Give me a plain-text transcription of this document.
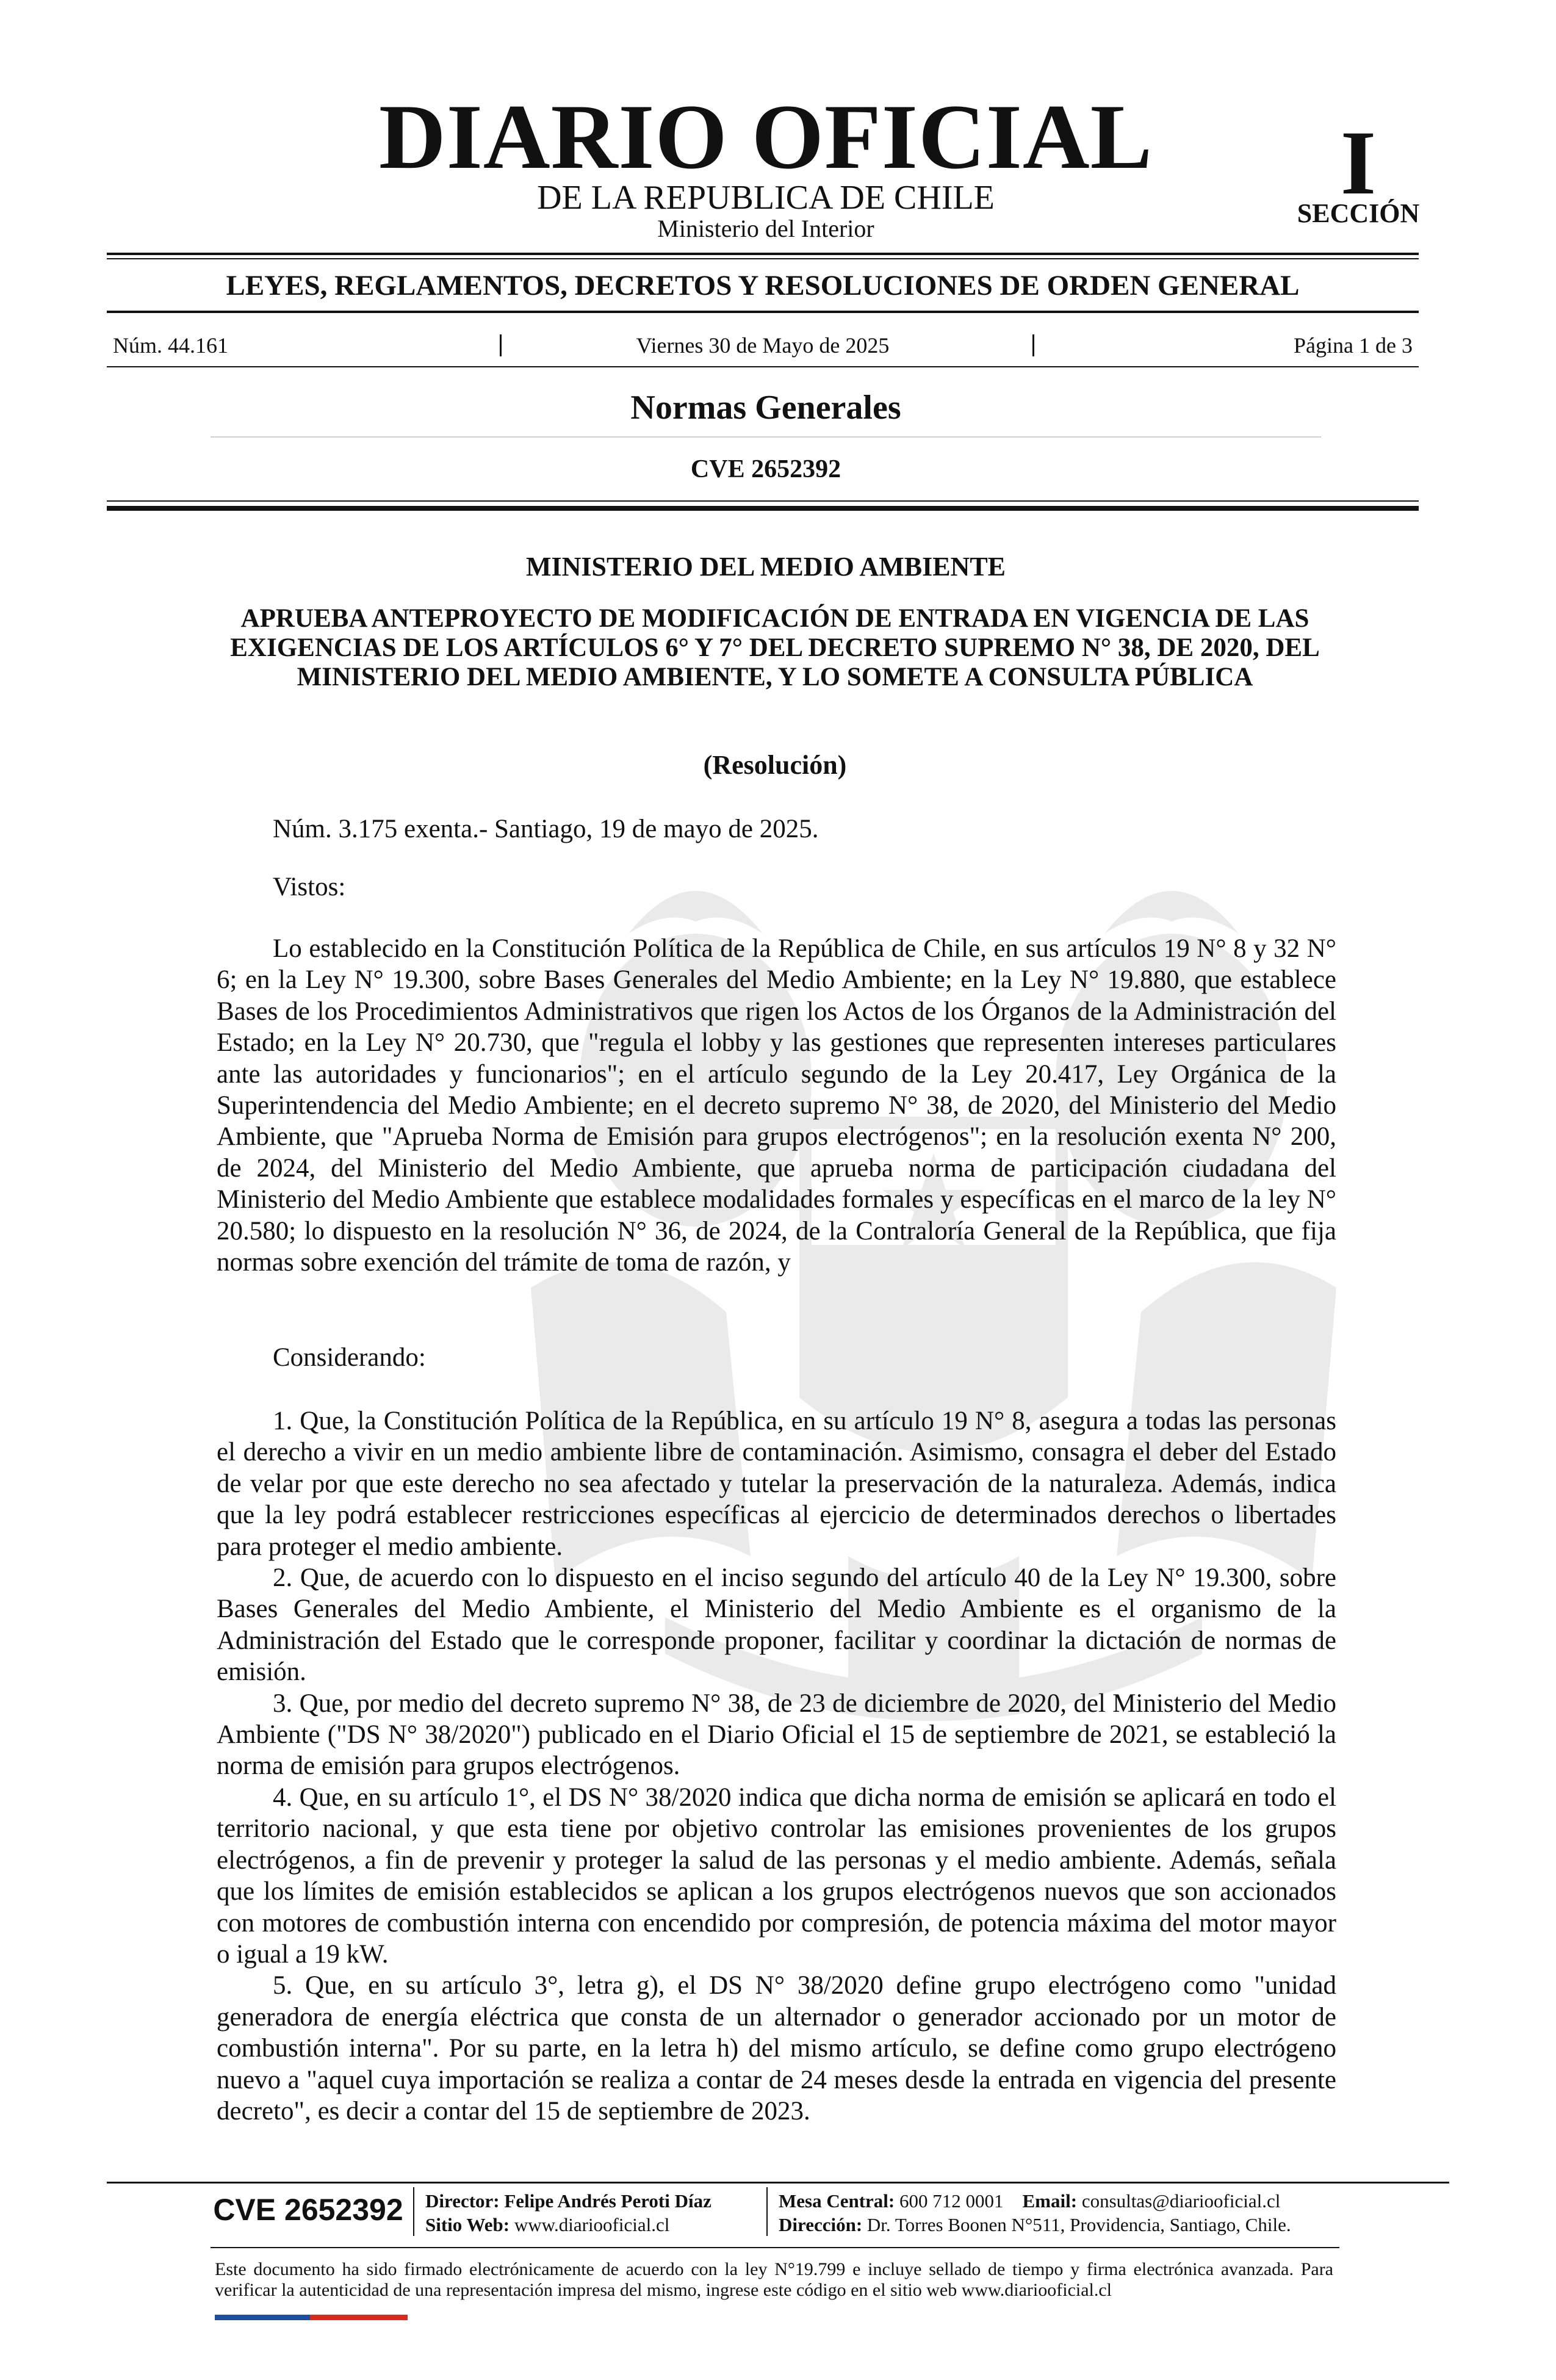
DIARIO OFICIAL
DE LA REPUBLICA DE CHILE
Ministerio del Interior
I
SECCIÓN
LEYES, REGLAMENTOS, DECRETOS Y RESOLUCIONES DE ORDEN GENERAL
Núm. 44.161	Viernes 30 de Mayo de 2025	Página 1 de 3
Normas Generales
CVE 2652392
MINISTERIO DEL MEDIO AMBIENTE
APRUEBA ANTEPROYECTO DE MODIFICACIÓN DE ENTRADA EN VIGENCIA DE LAS EXIGENCIAS DE LOS ARTÍCULOS 6° Y 7° DEL DECRETO SUPREMO N° 38, DE 2020, DEL MINISTERIO DEL MEDIO AMBIENTE, Y LO SOMETE A CONSULTA PÚBLICA
(Resolución)
Núm. 3.175 exenta.- Santiago, 19 de mayo de 2025.
Vistos:
Lo establecido en la Constitución Política de la República de Chile, en sus artículos 19 N° 8 y 32 N° 6; en la Ley N° 19.300, sobre Bases Generales del Medio Ambiente; en la Ley N° 19.880, que establece Bases de los Procedimientos Administrativos que rigen los Actos de los Órganos de la Administración del Estado; en la Ley N° 20.730, que "regula el lobby y las gestiones que representen intereses particulares ante las autoridades y funcionarios"; en el artículo segundo de la Ley 20.417, Ley Orgánica de la Superintendencia del Medio Ambiente; en el decreto supremo N° 38, de 2020, del Ministerio del Medio Ambiente, que "Aprueba Norma de Emisión para grupos electrógenos"; en la resolución exenta N° 200, de 2024, del Ministerio del Medio Ambiente, que aprueba norma de participación ciudadana del Ministerio del Medio Ambiente que establece modalidades formales y específicas en el marco de la ley N° 20.580; lo dispuesto en la resolución N° 36, de 2024, de la Contraloría General de la República, que fija normas sobre exención del trámite de toma de razón, y
Considerando:
1. Que, la Constitución Política de la República, en su artículo 19 N° 8, asegura a todas las personas el derecho a vivir en un medio ambiente libre de contaminación. Asimismo, consagra el deber del Estado de velar por que este derecho no sea afectado y tutelar la preservación de la naturaleza. Además, indica que la ley podrá establecer restricciones específicas al ejercicio de determinados derechos o libertades para proteger el medio ambiente.
2. Que, de acuerdo con lo dispuesto en el inciso segundo del artículo 40 de la Ley N° 19.300, sobre Bases Generales del Medio Ambiente, el Ministerio del Medio Ambiente es el organismo de la Administración del Estado que le corresponde proponer, facilitar y coordinar la dictación de normas de emisión.
3. Que, por medio del decreto supremo N° 38, de 23 de diciembre de 2020, del Ministerio del Medio Ambiente ("DS N° 38/2020") publicado en el Diario Oficial el 15 de septiembre de 2021, se estableció la norma de emisión para grupos electrógenos.
4. Que, en su artículo 1°, el DS N° 38/2020 indica que dicha norma de emisión se aplicará en todo el territorio nacional, y que esta tiene por objetivo controlar las emisiones provenientes de los grupos electrógenos, a fin de prevenir y proteger la salud de las personas y el medio ambiente. Además, señala que los límites de emisión establecidos se aplican a los grupos electrógenos nuevos que son accionados con motores de combustión interna con encendido por compresión, de potencia máxima del motor mayor o igual a 19 kW.
5. Que, en su artículo 3°, letra g), el DS N° 38/2020 define grupo electrógeno como "unidad generadora de energía eléctrica que consta de un alternador o generador accionado por un motor de combustión interna". Por su parte, en la letra h) del mismo artículo, se define como grupo electrógeno nuevo a "aquel cuya importación se realiza a contar de 24 meses desde la entrada en vigencia del presente decreto", es decir a contar del 15 de septiembre de 2023.
CVE 2652392 Director: Felipe Andrés Peroti Díaz
Sitio Web: www.diariooficial.cl
Mesa Central: 600 712 0001 Email: consultas@diariooficial.cl
Dirección: Dr. Torres Boonen N°511, Providencia, Santiago, Chile.
Este documento ha sido firmado electrónicamente de acuerdo con la ley N°19.799 e incluye sellado de tiempo y firma electrónica avanzada. Para verificar la autenticidad de una representación impresa del mismo, ingrese este código en el sitio web www.diariooficial.cl
